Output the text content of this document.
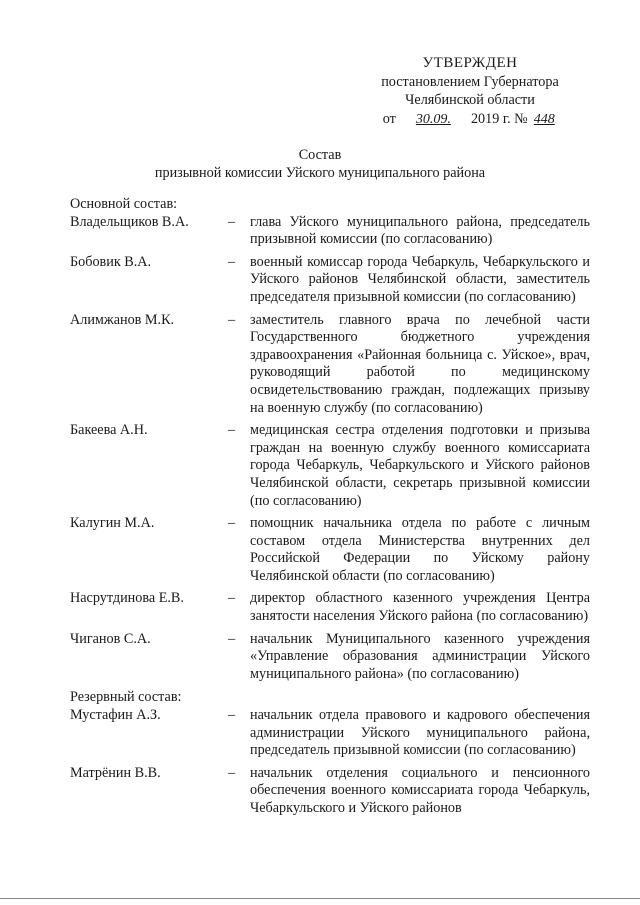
УТВЕРЖДЕН
постановлением Губернатора
Челябинской области
от 30.09. 2019 г. № 448
Состав
призывной комиссии Уйского муниципального района
Основной состав:
Владельщиков В.А.	–	глава Уйского муниципального района, председатель призывной комиссии (по согласованию)
Бобовик В.А.	–	военный комиссар города Чебаркуль, Чебаркульского и Уйского районов Челябинской области, заместитель председателя призывной комиссии (по согласованию)
Алимжанов М.К.	–	заместитель главного врача по лечебной части Государственного бюджетного учреждения здравоохранения «Районная больница с. Уйское», врач, руководящий работой по медицинскому освидетельствованию граждан, подлежащих призыву на военную службу (по согласованию)
Бакеева А.Н.	–	медицинская сестра отделения подготовки и призыва граждан на военную службу военного комиссариата города Чебаркуль, Чебаркульского и Уйского районов Челябинской области, секретарь призывной комиссии (по согласованию)
Калугин М.А.	–	помощник начальника отдела по работе с личным составом отдела Министерства внутренних дел Российской Федерации по Уйскому району Челябинской области (по согласованию)
Насрутдинова Е.В.	–	директор областного казенного учреждения Центра занятости населения Уйского района (по согласованию)
Чиганов С.А.	–	начальник Муниципального казенного учреждения «Управление образования администрации Уйского муниципального района» (по согласованию)
Резервный состав:
Мустафин А.З.	–	начальник отдела правового и кадрового обеспечения администрации Уйского муниципального района, председатель призывной комиссии (по согласованию)
Матрёнин В.В.	–	начальник отделения социального и пенсионного обеспечения военного комиссариата города Чебаркуль, Чебаркульского и Уйского районов
